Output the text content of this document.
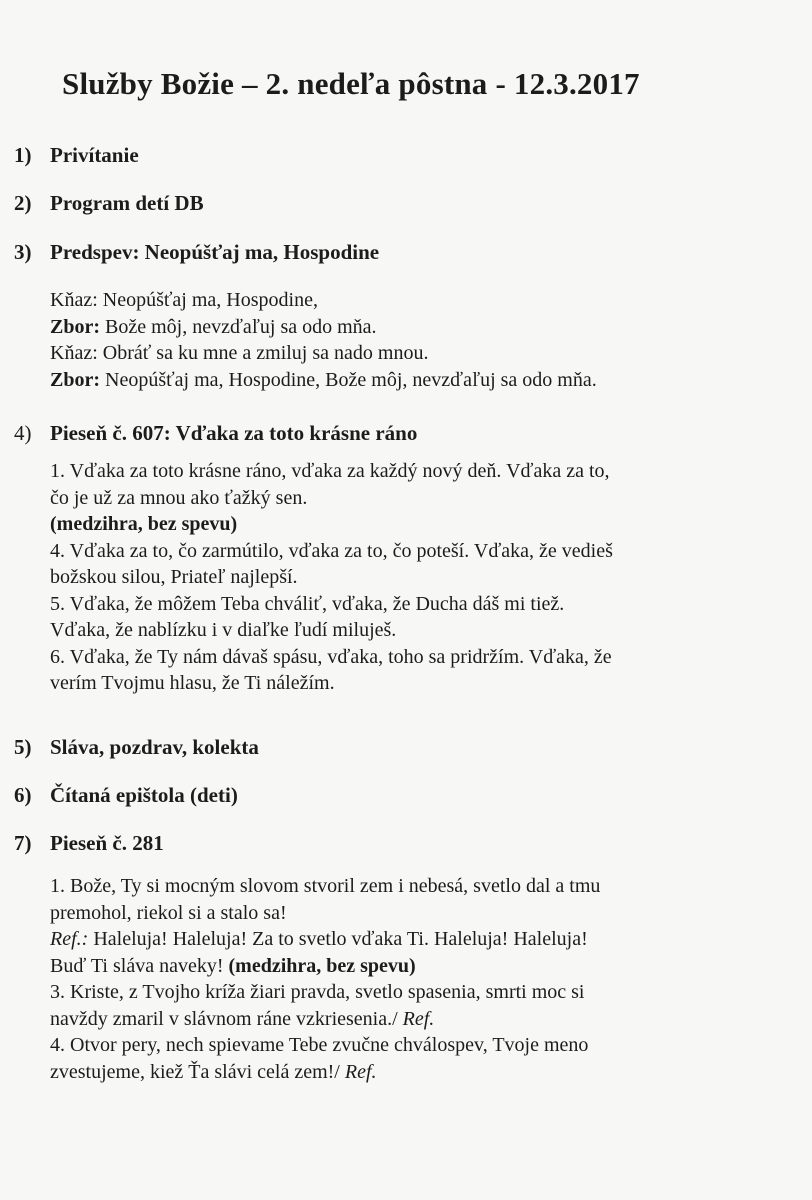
Služby Božie – 2. nedeľa pôstna - 12.3.2017
1) Privítanie
2) Program detí DB
3) Predspev: Neopúšťaj ma, Hospodine

Kňaz: Neopúšťaj ma, Hospodine,

Zbor: Bože môj, nevzďaľuj sa odo mňa.

Kňaz: Obráť sa ku mne a zmiluj sa nado mnou.

Zbor: Neopúšťaj ma, Hospodine, Bože môj, nevzďaľuj sa odo mňa.

4) Pieseň č. 607: Vďaka za toto krásne ráno

1. Vďaka za toto krásne ráno, vďaka za každý nový deň. Vďaka za to,

čo je už za mnou ako ťažký sen.

(medzihra, bez spevu)

4. Vďaka za to, čo zarmútilo, vďaka za to, čo poteší. Vďaka, že vedieš

božskou silou, Priateľ najlepší.

5. Vďaka, že môžem Teba chváliť, vďaka, že Ducha dáš mi tiež.

Vďaka, že nablízku i v diaľke ľudí miluješ.

6. Vďaka, že Ty nám dávaš spásu, vďaka, toho sa pridržím. Vďaka, že

verím Tvojmu hlasu, že Ti náležím.

5) Sláva, pozdrav, kolekta
6) Čítaná epištola (deti)
7) Pieseň č. 281

1. Bože, Ty si mocným slovom stvoril zem i nebesá, svetlo dal a tmu

premohol, riekol si a stalo sa!

Ref.: Haleluja! Haleluja! Za to svetlo vďaka Ti. Haleluja! Haleluja!

Buď Ti sláva naveky! (medzihra, bez spevu)

3. Kriste, z Tvojho kríža žiari pravda, svetlo spasenia, smrti moc si

navždy zmaril v slávnom ráne vzkriesenia./ Ref.

4. Otvor pery, nech spievame Tebe zvučne chválospev, Tvoje meno

zvestujeme, kiež Ťa slávi celá zem!/ Ref.
